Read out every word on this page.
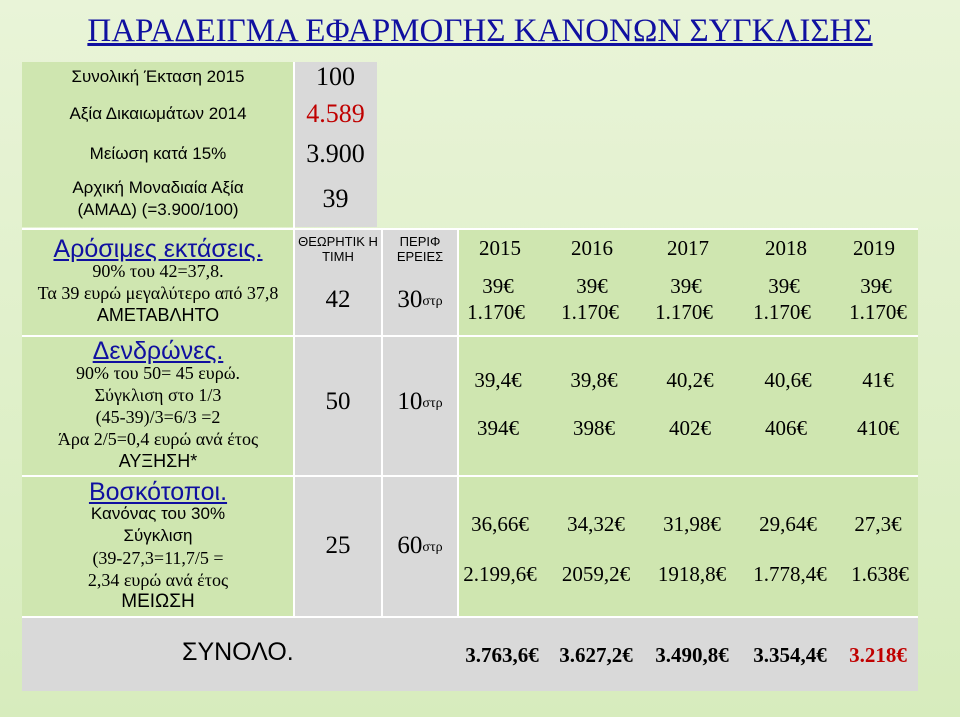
ΠΑΡΑΔΕΙΓΜΑ ΕΦΑΡΜΟΓΗΣ ΚΑΝΟΝΩΝ ΣΥΓΚΛΙΣΗΣ
Συνολική Έκταση 2015	100
Αξία Δικαιωμάτων 2014	4.589
Μείωση κατά 15%	3.900
Αρχική Μοναδιαία Αξία
(ΑΜΑΔ) (=3.900/100)	39
ΘΕΩΡΗΤΙΚ Η ΤΙΜΗ
ΠΕΡΙΦ ΕΡΕΙΕΣ	2015	2016	2017	2018	2019
Αρόσιμες εκτάσεις.
90% του 42=37,8.
Τα 39 ευρώ μεγαλύτερο από 37,8
ΑΜΕΤΑΒΛΗΤΟ
42	30 στρ
39€	39€	39€	39€	39€
1.170€	1.170€	1.170€	1.170€	1.170€
Δενδρώνες.
90% του 50= 45 ευρώ.
Σύγκλιση στο 1/3
(45-39)/3=6/3 =2
Άρα 2/5=0,4 ευρώ ανά έτος
ΑΥΞΗΣΗ*
50	10 στρ
39,4€	39,8€	40,2€	40,6€	41€
394€	398€	402€	406€	410€
Βοσκότοποι.
Κανόνας του 30%
Σύγκλιση
(39-27,3=11,7/5 =
2,34 ευρώ ανά έτος
ΜΕΙΩΣΗ
25	60 στρ
36,66€	34,32€	31,98€	29,64€	27,3€
2.199,6€	2059,2€	1918,8€	1.778,4€	1.638€
ΣΥΝΟΛΟ.	3.763,6€ 3.627,2€	3.490,8€	3.354,4€	3.218€
